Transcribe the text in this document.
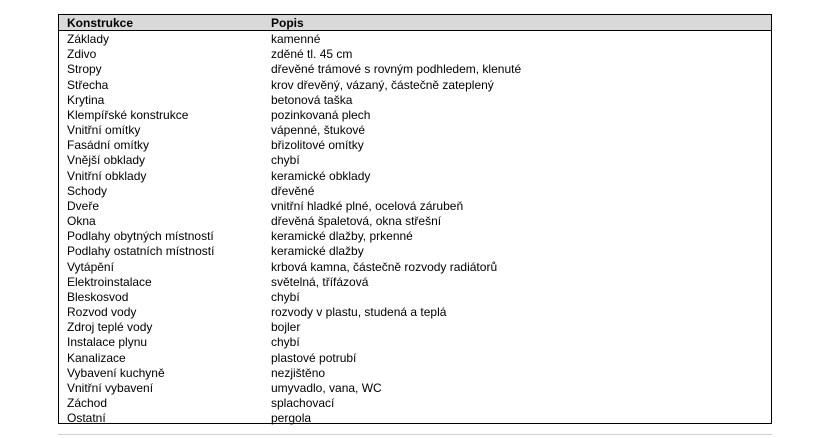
Konstrukce	Popis
Základy	kamenné
Zdivo	zděné tl. 45 cm
Stropy	dřevěné trámové s rovným podhledem, klenuté
Střecha	krov dřevěný, vázaný, částečně zateplený
Krytina	betonová taška
Klempířské konstrukce	pozinkovaná plech
Vnitřní omítky	vápenné, štukové
Fasádní omítky	břizolitové omítky
Vnější obklady	chybí
Vnitřní obklady	keramické obklady
Schody	dřevěné
Dveře	vnitřní hladké plné, ocelová zárubeň
Okna	dřevěná špaletová, okna střešní
Podlahy obytných místností	keramické dlažby, prkenné
Podlahy ostatních místností	keramické dlažby
Vytápění	krbová kamna, částečně rozvody radiátorů
Elektroinstalace	světelná, třífázová
Bleskosvod	chybí
Rozvod vody	rozvody v plastu, studená a teplá
Zdroj teplé vody	bojler
Instalace plynu	chybí
Kanalizace	plastové potrubí
Vybavení kuchyně	nezjištěno
Vnitřní vybavení	umyvadlo, vana, WC
Záchod	splachovací
Ostatní	pergola
